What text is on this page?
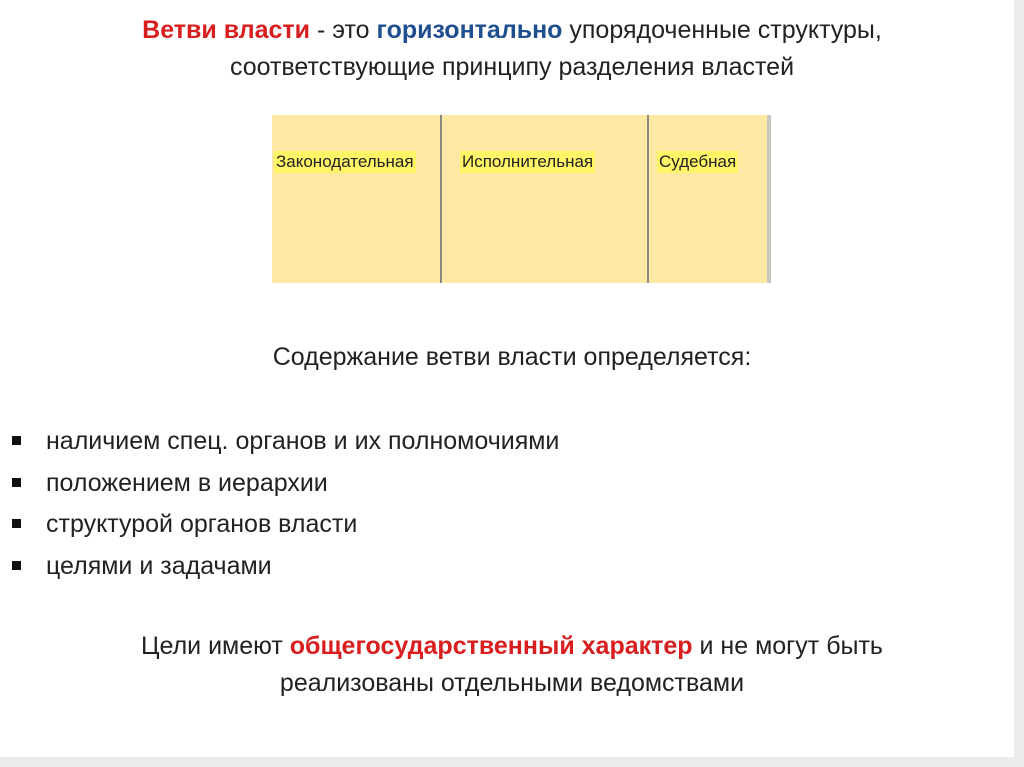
Ветви власти - это горизонтально упорядоченные структуры,
соответствующие принципу разделения властей
Законодательная	Исполнительная	Судебная
Содержание ветви власти определяется:
наличием спец. органов и их полномочиями
положением в иерархии
структурой органов власти
целями и задачами
Цели имеют общегосударственный характер и не могут быть
реализованы отдельными ведомствами
